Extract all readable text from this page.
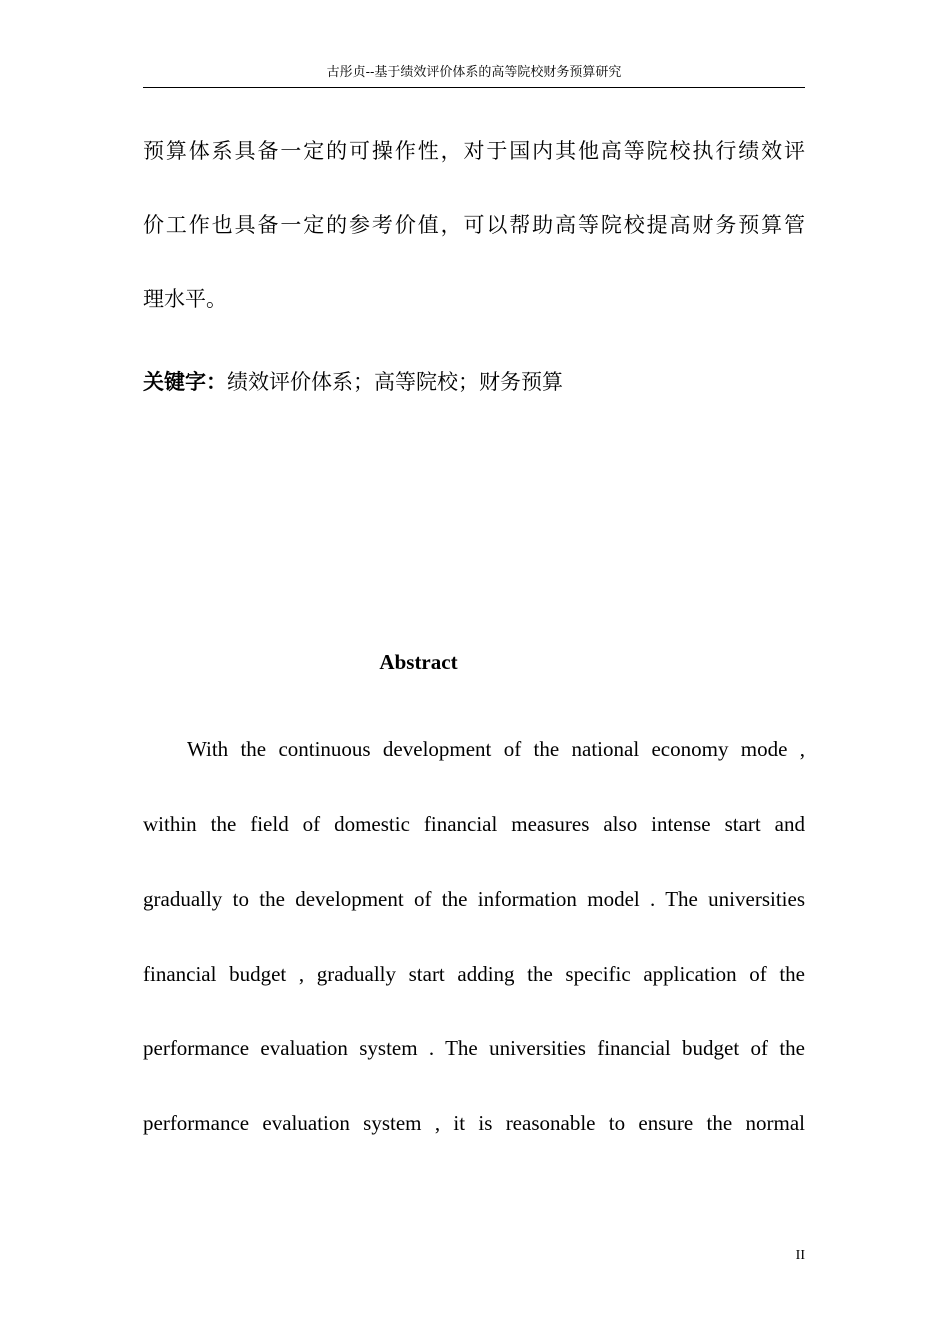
古彤贞--基于绩效评价体系的高等院校财务预算研究
预算体系具备一定的可操作性，对于国内其他高等院校执行绩效评
价工作也具备一定的参考价值，可以帮助高等院校提高财务预算管
理水平。
关键字：绩效评价体系；高等院校；财务预算
Abstract
With the continuous development of the national economy mode ,
within the field of domestic financial measures also intense start and
gradually to the development of the information model . The universities
financial budget , gradually start adding the specific application of the
performance evaluation system . The universities financial budget of the
performance evaluation system , it is reasonable to ensure the normal
II
